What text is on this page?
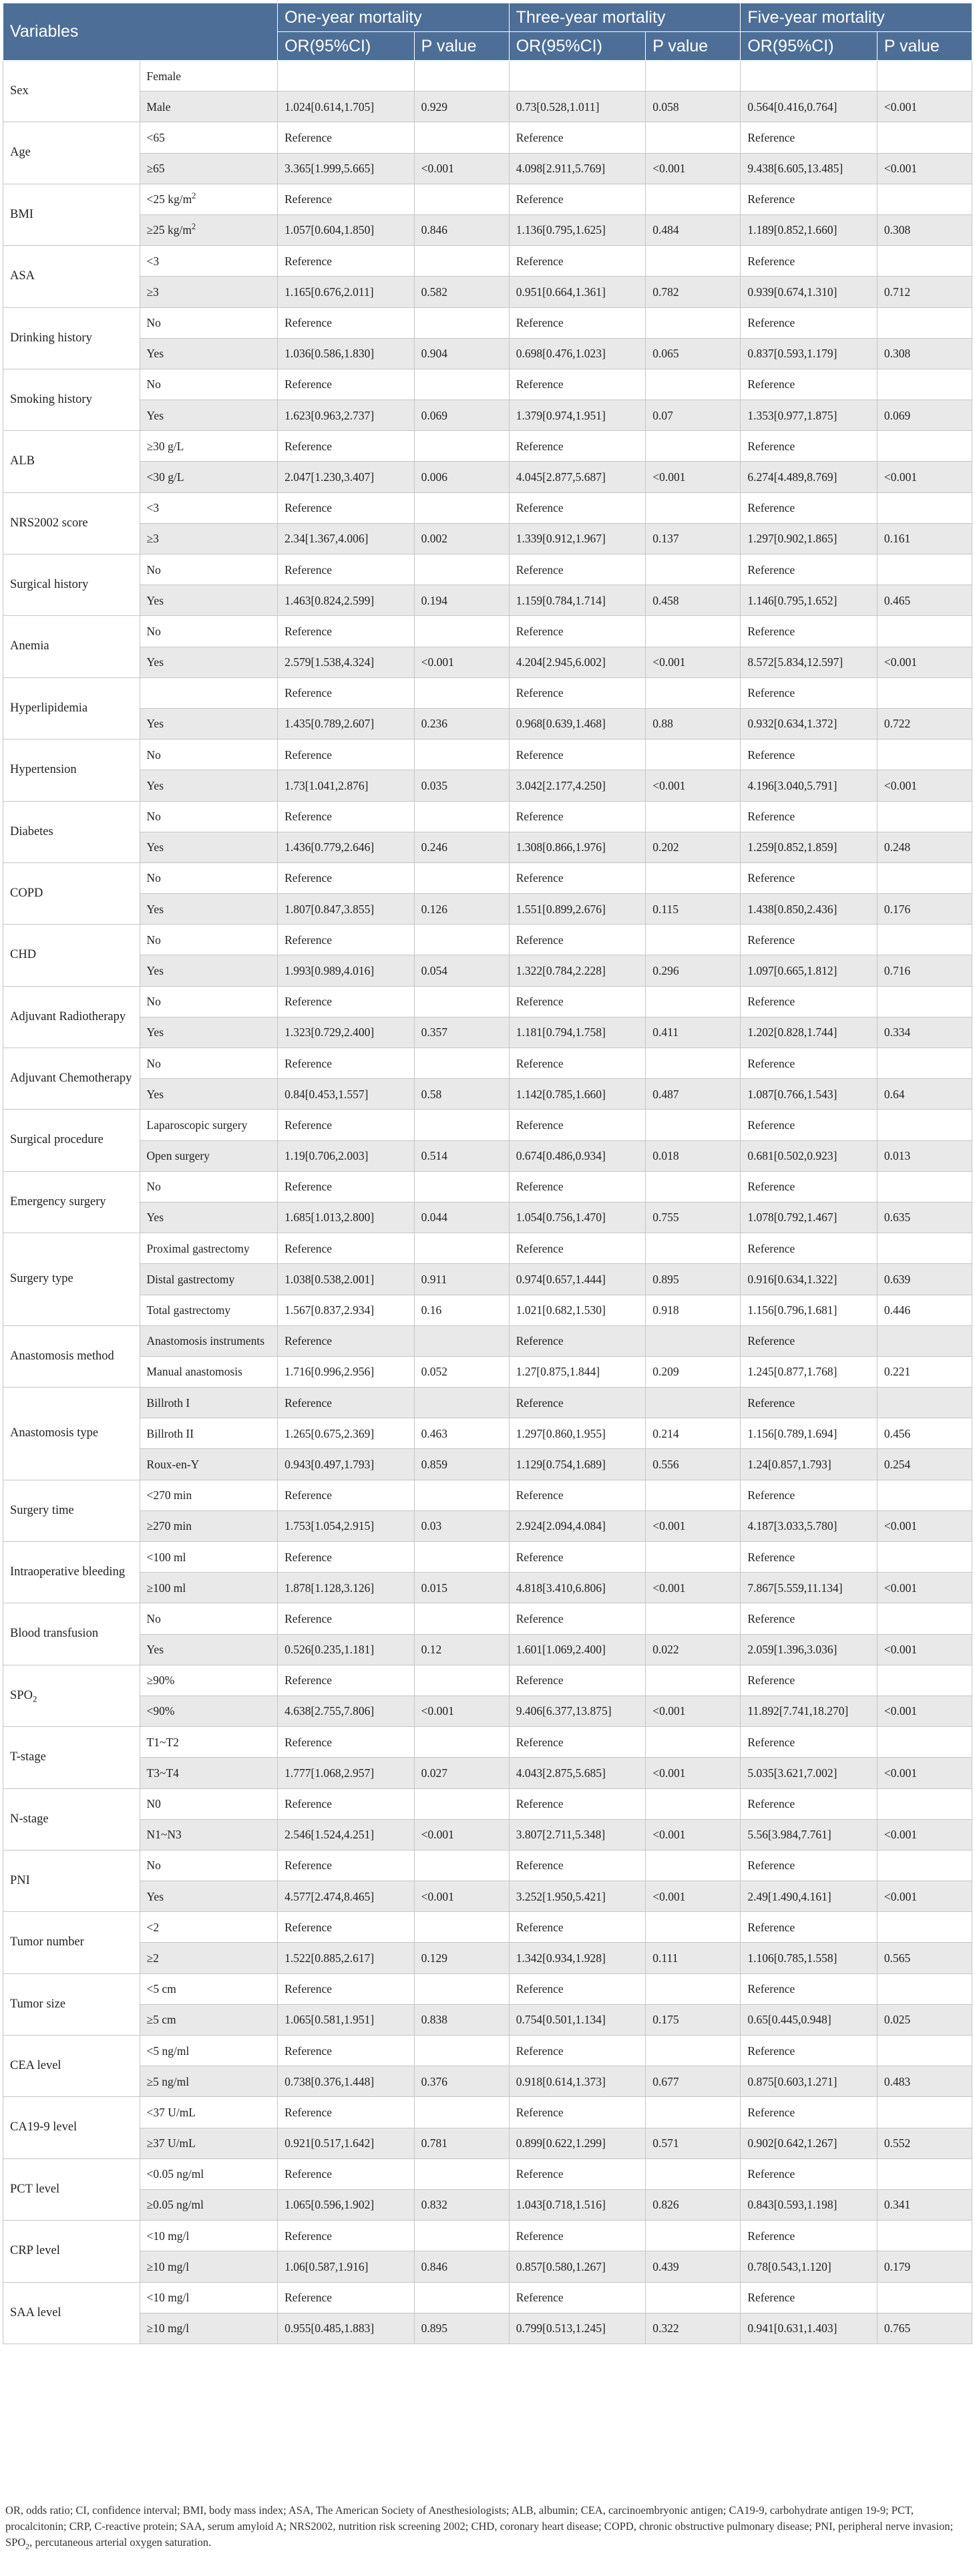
Variables		One-year mortality		Three-year mortality		Five-year mortality	
		OR(95%CI)	P value	OR(95%CI)	P value	OR(95%CI)	P value
Sex	Female						
	Male	1.024[0.614,1.705]	0.929	0.73[0.528,1.011]	0.058	0.564[0.416,0.764]	<0.001
Age	<65	Reference		Reference		Reference	
	≥65	3.365[1.999,5.665]	<0.001	4.098[2.911,5.769]	<0.001	9.438[6.605,13.485]	<0.001
BMI	<25 $kg/m^2$	Reference		Reference		Reference	
	≥25 $kg/m^2$	1.057[0.604,1.850]	0.846	1.136[0.795,1.625]	0.484	1.189[0.852,1.660]	0.308
ASA	<3	Reference		Reference		Reference	
	≥3	1.165[0.676,2.011]	0.582	0.951[0.664,1.361]	0.782	0.939[0.674,1.310]	0.712
Drinking history	No	Reference		Reference		Reference	
	Yes	1.036[0.586,1.830]	0.904	0.698[0.476,1.023]	0.065	0.837[0.593,1.179]	0.308
Smoking history	No	Reference		Reference		Reference	
	Yes	1.623[0.963,2.737]	0.069	1.379[0.974,1.951]	0.07	1.353[0.977,1.875]	0.069
ALB	≥30 g/L	Reference		Reference		Reference	
	<30 g/L	2.047[1.230,3.407]	0.006	4.045[2.877,5.687]	<0.001	6.274[4.489,8.769]	<0.001
NRS2002 score	<3	Reference		Reference		Reference	
	≥3	2.34[1.367,4.006]	0.002	1.339[0.912,1.967]	0.137	1.297[0.902,1.865]	0.161
Surgical history	No	Reference		Reference		Reference	
	Yes	1.463[0.824,2.599]	0.194	1.159[0.784,1.714]	0.458	1.146[0.795,1.652]	0.465
Anemia	No	Reference		Reference		Reference	
	Yes	2.579[1.538,4.324]	<0.001	4.204[2.945,6.002]	<0.001	8.572[5.834,12.597]	<0.001
Hyperlipidemia		Reference		Reference		Reference	
	Yes	1.435[0.789,2.607]	0.236	0.968[0.639,1.468]	0.88	0.932[0.634,1.372]	0.722
Hypertension	No	Reference		Reference		Reference	
	Yes	1.73[1.041,2.876]	0.035	3.042[2.177,4.250]	<0.001	4.196[3.040,5.791]	<0.001
Diabetes	No	Reference		Reference		Reference	
	Yes	1.436[0.779,2.646]	0.246	1.308[0.866,1.976]	0.202	1.259[0.852,1.859]	0.248
COPD	No	Reference		Reference		Reference	
	Yes	1.807[0.847,3.855]	0.126	1.551[0.899,2.676]	0.115	1.438[0.850,2.436]	0.176
CHD	No	Reference		Reference		Reference	
	Yes	1.993[0.989,4.016]	0.054	1.322[0.784,2.228]	0.296	1.097[0.665,1.812]	0.716
Adjuvant Radiotherapy	No	Reference		Reference		Reference	
	Yes	1.323[0.729,2.400]	0.357	1.181[0.794,1.758]	0.411	1.202[0.828,1.744]	0.334
Adjuvant Chemotherapy	No	Reference		Reference		Reference	
	Yes	0.84[0.453,1.557]	0.58	1.142[0.785,1.660]	0.487	1.087[0.766,1.543]	0.64
Surgical procedure	Laparoscopic surgery	Reference		Reference		Reference	
	Open surgery	1.19[0.706,2.003]	0.514	0.674[0.486,0.934]	0.018	0.681[0.502,0.923]	0.013
Emergency surgery	No	Reference		Reference		Reference	
	Yes	1.685[1.013,2.800]	0.044	1.054[0.756,1.470]	0.755	1.078[0.792,1.467]	0.635
Surgery type	Proximal gastrectomy	Reference		Reference		Reference	
	Distal gastrectomy	1.038[0.538,2.001]	0.911	0.974[0.657,1.444]	0.895	0.916[0.634,1.322]	0.639
	Total gastrectomy	1.567[0.837,2.934]	0.16	1.021[0.682,1.530]	0.918	1.156[0.796,1.681]	0.446
Anastomosis method	Anastomosis instruments	Reference		Reference		Reference	
	Manual anastomosis	1.716[0.996,2.956]	0.052	1.27[0.875,1.844]	0.209	1.245[0.877,1.768]	0.221
Anastomosis type	Billroth I	Reference		Reference		Reference	
	Billroth II	1.265[0.675,2.369]	0.463	1.297[0.860,1.955]	0.214	1.156[0.789,1.694]	0.456
	Roux-en-Y	0.943[0.497,1.793]	0.859	1.129[0.754,1.689]	0.556	1.24[0.857,1.793]	0.254
Surgery time	<270 min	Reference		Reference		Reference	
	≥270 min	1.753[1.054,2.915]	0.03	2.924[2.094,4.084]	<0.001	4.187[3.033,5.780]	<0.001
Intraoperative bleeding	<100 ml	Reference		Reference		Reference	
	≥100 ml	1.878[1.128,3.126]	0.015	4.818[3.410,6.806]	<0.001	7.867[5.559,11.134]	<0.001
Blood transfusion	No	Reference		Reference		Reference	
	Yes	0.526[0.235,1.181]	0.12	1.601[1.069,2.400]	0.022	2.059[1.396,3.036]	<0.001
$SPO_2$	≥90%	Reference		Reference		Reference	
	<90%	4.638[2.755,7.806]	<0.001	9.406[6.377,13.875]	<0.001	11.892[7.741,18.270]	<0.001
T-stage	T1~T2	Reference		Reference		Reference	
	T3~T4	1.777[1.068,2.957]	0.027	4.043[2.875,5.685]	<0.001	5.035[3.621,7.002]	<0.001
N-stage	N0	Reference		Reference		Reference	
	N1~N3	2.546[1.524,4.251]	<0.001	3.807[2.711,5.348]	<0.001	5.56[3.984,7.761]	<0.001
PNI	No	Reference		Reference		Reference	
	Yes	4.577[2.474,8.465]	<0.001	3.252[1.950,5.421]	<0.001	2.49[1.490,4.161]	<0.001
Tumor number	<2	Reference		Reference		Reference	
	≥2	1.522[0.885,2.617]	0.129	1.342[0.934,1.928]	0.111	1.106[0.785,1.558]	0.565
Tumor size	<5 cm	Reference		Reference		Reference	
	≥5 cm	1.065[0.581,1.951]	0.838	0.754[0.501,1.134]	0.175	0.65[0.445,0.948]	0.025
CEA level	<5 ng/ml	Reference		Reference		Reference	
	≥5 ng/ml	0.738[0.376,1.448]	0.376	0.918[0.614,1.373]	0.677	0.875[0.603,1.271]	0.483
CA19-9 level	<37 U/mL	Reference		Reference		Reference	
	≥37 U/mL	0.921[0.517,1.642]	0.781	0.899[0.622,1.299]	0.571	0.902[0.642,1.267]	0.552
PCT level	<0.05 ng/ml	Reference		Reference		Reference	
	≥0.05 ng/ml	1.065[0.596,1.902]	0.832	1.043[0.718,1.516]	0.826	0.843[0.593,1.198]	0.341
CRP level	<10 mg/l	Reference		Reference		Reference	
	≥10 mg/l	1.06[0.587,1.916]	0.846	0.857[0.580,1.267]	0.439	0.78[0.543,1.120]	0.179
SAA level	<10 mg/l	Reference		Reference		Reference	
	≥10 mg/l	0.955[0.485,1.883]	0.895	0.799[0.513,1.245]	0.322	0.941[0.631,1.403]	0.765
OR, odds ratio; CI, confidence interval; BMI, body mass index; ASA, The American Society of Anesthesiologists; ALB, albumin; CEA, carcinoembryonic antigen; CA19-9, carbohydrate antigen 19-9; PCT, procalcitonin; CRP, C-reactive protein; SAA, serum amyloid A; NRS2002, nutrition risk screening 2002; CHD, coronary heart disease; COPD, chronic obstructive pulmonary disease; PNI, peripheral nerve invasion; $SPO_2$, percutaneous arterial oxygen saturation.
